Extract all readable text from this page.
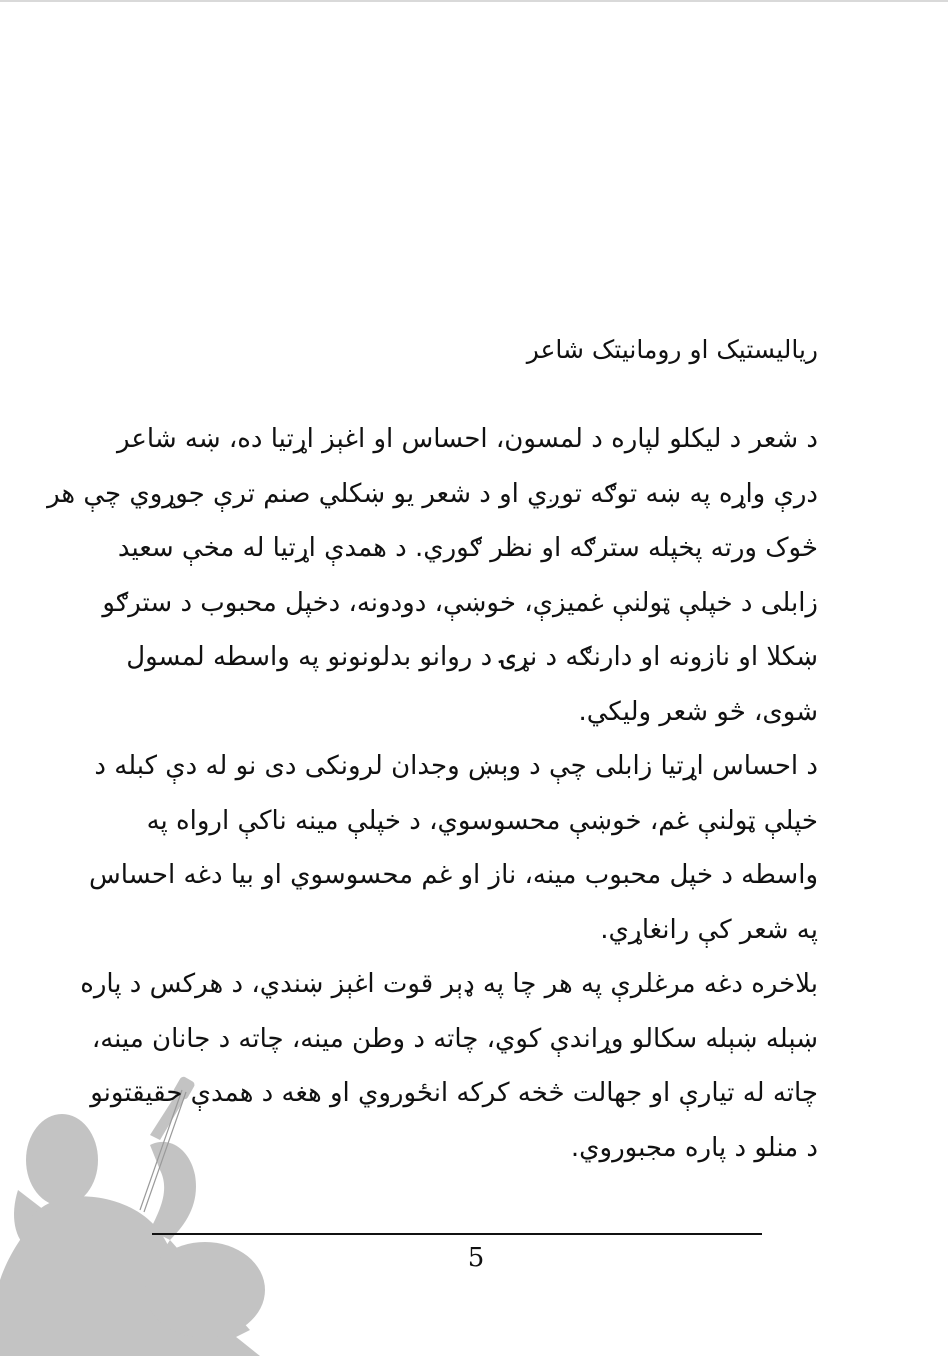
ریالیستیک او رومانیتک شاعر
د شعر د لیکلو لپاره د لمسون، احساس او اغېز اړتیا ده، ښه شاعر
درې واړه په ښه توګه توږي او د شعر یو ښکلي صنم ترې جوړوي چې هر
څوک ورته پخپله سترګه او نظر ګوري. د همدې اړتیا له مخې سعید
زابلی د خپلې ټولنې غمیزې، خوښې، دودونه، دخپل محبوب د سترګو
ښکلا او نازونه او دارنګه د نړۍ د روانو بدلونونو په واسطه لمسول
شوی، څو شعر ولیکي.
د احساس اړتیا زابلی چې د وېښ وجدان لرونکی دی نو له دې کبله د
خپلې ټولنې غم، خوښې محسوسوي، د خپلې مینه ناکې ارواه په
واسطه د خپل محبوب مینه، ناز او غم محسوسوي او بیا دغه احساس
په شعر کې رانغاړي.
بلاخره دغه مرغلرې په هر چا په ډېر قوت اغېز ښندي، د هرکس د پاره
ښېله ښېله سکالو وړاندې کوي، چاته د وطن مینه، چاته د جانان مینه،
چاته له تیارې او جهالت څخه کرکه انځوروي او هغه د همدې حقیقتونو
د منلو د پاره مجبوروي.
5
